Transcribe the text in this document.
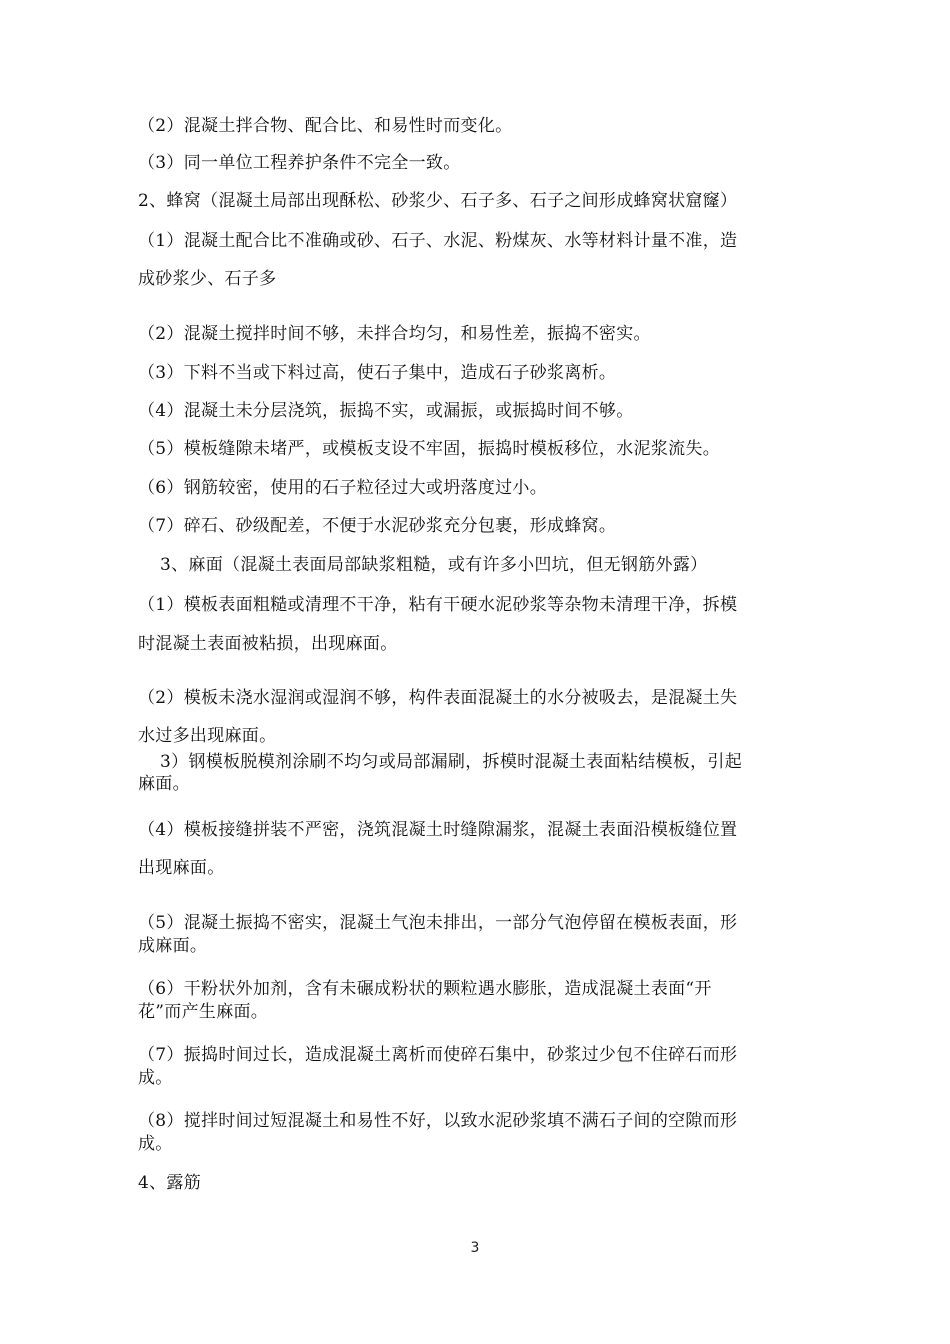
（2）混凝土拌合物、配合比、和易性时而变化。
（3）同一单位工程养护条件不完全一致。
2、蜂窝（混凝土局部出现酥松、砂浆少、石子多、石子之间形成蜂窝状窟窿）
（1）混凝土配合比不准确或砂、石子、水泥、粉煤灰、水等材料计量不准，造
成砂浆少、石子多
（2）混凝土搅拌时间不够，未拌合均匀，和易性差，振捣不密实。
（3）下料不当或下料过高，使石子集中，造成石子砂浆离析。
（4）混凝土未分层浇筑，振捣不实，或漏振，或振捣时间不够。
（5）模板缝隙未堵严，或模板支设不牢固，振捣时模板移位，水泥浆流失。
（6）钢筋较密，使用的石子粒径过大或坍落度过小。
（7）碎石、砂级配差，不便于水泥砂浆充分包裹，形成蜂窝。
3、麻面（混凝土表面局部缺浆粗糙，或有许多小凹坑，但无钢筋外露）
（1）模板表面粗糙或清理不干净，粘有干硬水泥砂浆等杂物未清理干净，拆模
时混凝土表面被粘损，出现麻面。
（2）模板未浇水湿润或湿润不够，构件表面混凝土的水分被吸去，是混凝土失
水过多出现麻面。
3）钢模板脱模剂涂刷不均匀或局部漏刷，拆模时混凝土表面粘结模板，引起
麻面。
（4）模板接缝拼装不严密，浇筑混凝土时缝隙漏浆，混凝土表面沿模板缝位置
出现麻面。
（5）混凝土振捣不密实，混凝土气泡未排出，一部分气泡停留在模板表面，形
成麻面。
（6）干粉状外加剂，含有未碾成粉状的颗粒遇水膨胀，造成混凝土表面“开
花”而产生麻面。
（7）振捣时间过长，造成混凝土离析而使碎石集中，砂浆过少包不住碎石而形
成。
（8）搅拌时间过短混凝土和易性不好，以致水泥砂浆填不满石子间的空隙而形
成。
4、露筋
3
